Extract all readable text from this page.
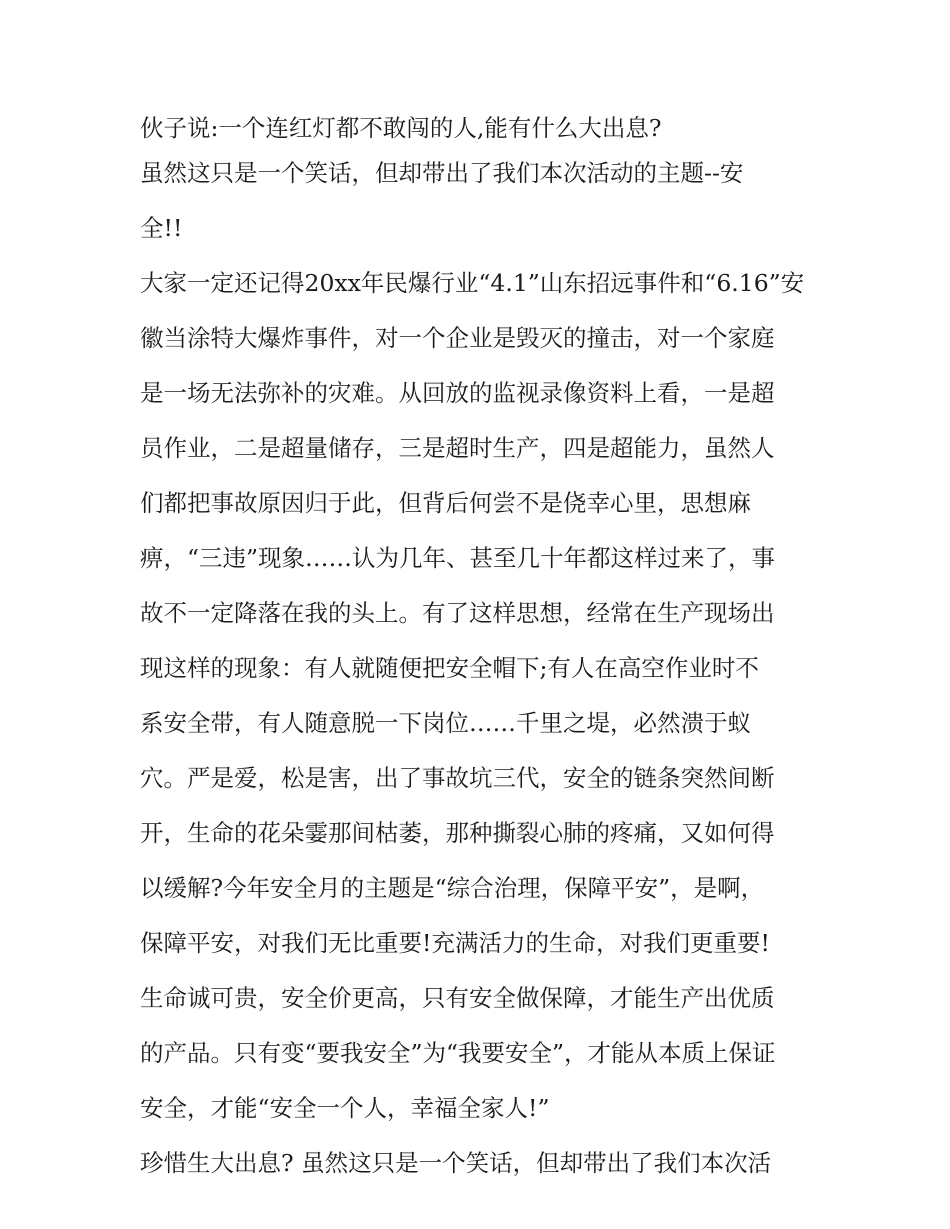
伙子说:一个连红灯都不敢闯的人,能有什么大出息?
虽然这只是一个笑话，但却带出了我们本次活动的主题--安
全!!
大家一定还记得20xx年民爆行业“4.1”山东招远事件和“6.16”安
徽当涂特大爆炸事件，对一个企业是毁灭的撞击，对一个家庭
是一场无法弥补的灾难。从回放的监视录像资料上看，一是超
员作业，二是超量储存，三是超时生产，四是超能力，虽然人
们都把事故原因归于此，但背后何尝不是侥幸心里，思想麻
痹，“三违”现象……认为几年、甚至几十年都这样过来了，事
故不一定降落在我的头上。有了这样思想，经常在生产现场出
现这样的现象：有人就随便把安全帽下;有人在高空作业时不
系安全带，有人随意脱一下岗位……千里之堤，必然溃于蚁
穴。严是爱，松是害，出了事故坑三代，安全的链条突然间断
开，生命的花朵霎那间枯萎，那种撕裂心肺的疼痛，又如何得
以缓解?今年安全月的主题是“综合治理，保障平安”，是啊，
保障平安，对我们无比重要!充满活力的生命，对我们更重要!
生命诚可贵，安全价更高，只有安全做保障，才能生产出优质
的产品。只有变“要我安全”为“我要安全”，才能从本质上保证
安全，才能“安全一个人，幸福全家人!”
珍惜生大出息? 虽然这只是一个笑话，但却带出了我们本次活
